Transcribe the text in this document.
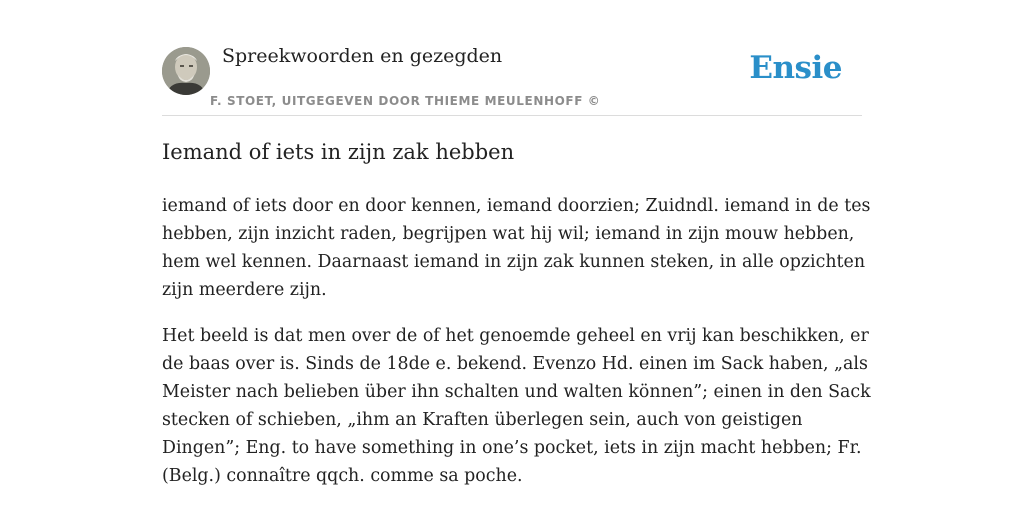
Spreekwoorden en gezegden
F. STOET, UITGEGEVEN DOOR THIEME MEULENHOFF ©
Ensie
Iemand of iets in zijn zak hebben

iemand of iets door en door kennen, iemand doorzien; Zuidndl. iemand in de tes hebben, zijn inzicht raden, begrijpen wat hij wil; iemand in zijn mouw hebben, hem wel kennen. Daarnaast iemand in zijn zak kunnen steken, in alle opzichten zijn meerdere zijn.

Het beeld is dat men over de of het genoemde geheel en vrij kan beschikken, er de baas over is. Sinds de 18de e. bekend. Evenzo Hd. einen im Sack haben, „als Meister nach belieben über ihn schalten und walten können”; einen in den Sack stecken of schieben, „ihm an Kraften überlegen sein, auch von geistigen Dingen”; Eng. to have something in one’s pocket, iets in zijn macht hebben; Fr. (Belg.) connaître qqch. comme sa poche.
